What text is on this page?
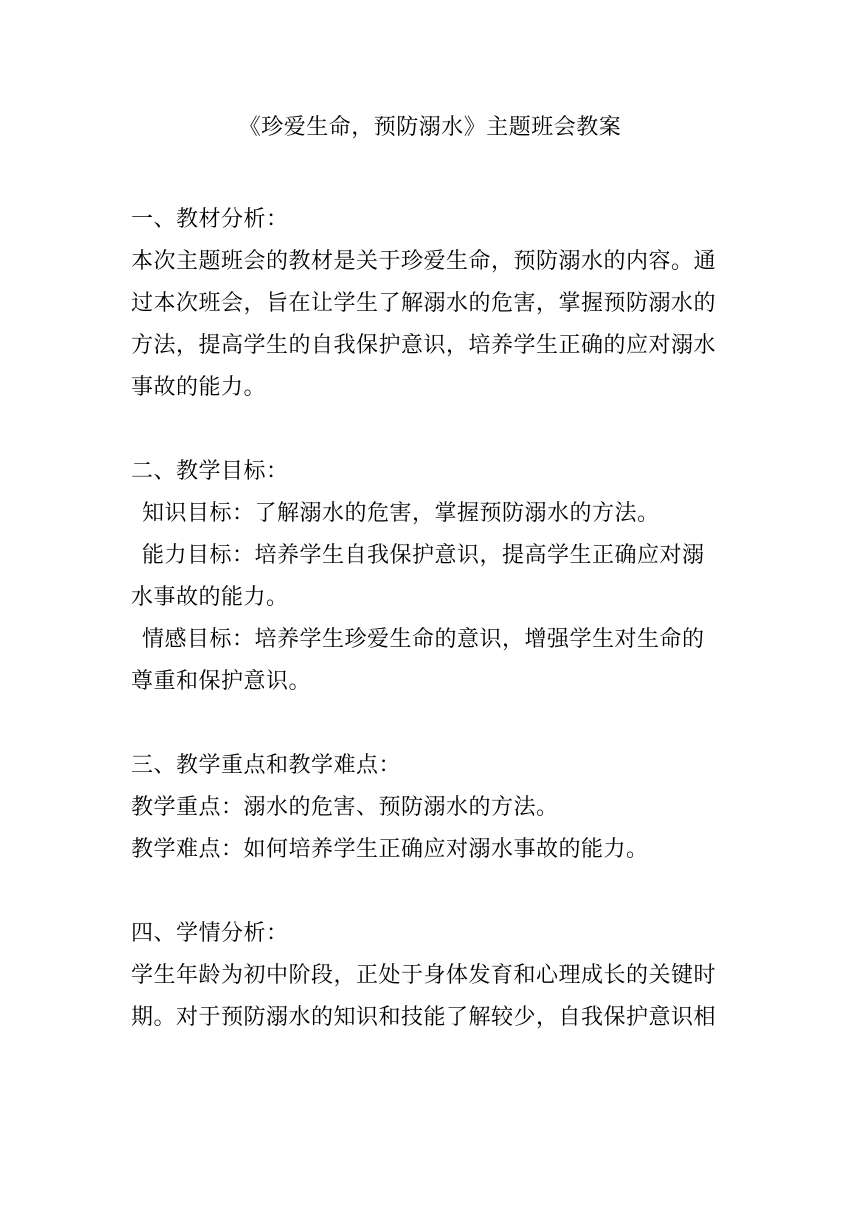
《珍爱生命，预防溺水》主题班会教案
一、教材分析：
本次主题班会的教材是关于珍爱生命，预防溺水的内容。通
过本次班会，旨在让学生了解溺水的危害，掌握预防溺水的
方法，提高学生的自我保护意识，培养学生正确的应对溺水
事故的能力。
二、教学目标：
知识目标：了解溺水的危害，掌握预防溺水的方法。
能力目标：培养学生自我保护意识，提高学生正确应对溺
水事故的能力。
情感目标：培养学生珍爱生命的意识，增强学生对生命的
尊重和保护意识。
三、教学重点和教学难点：
教学重点：溺水的危害、预防溺水的方法。
教学难点：如何培养学生正确应对溺水事故的能力。
四、学情分析：
学生年龄为初中阶段，正处于身体发育和心理成长的关键时
期。对于预防溺水的知识和技能了解较少，自我保护意识相
